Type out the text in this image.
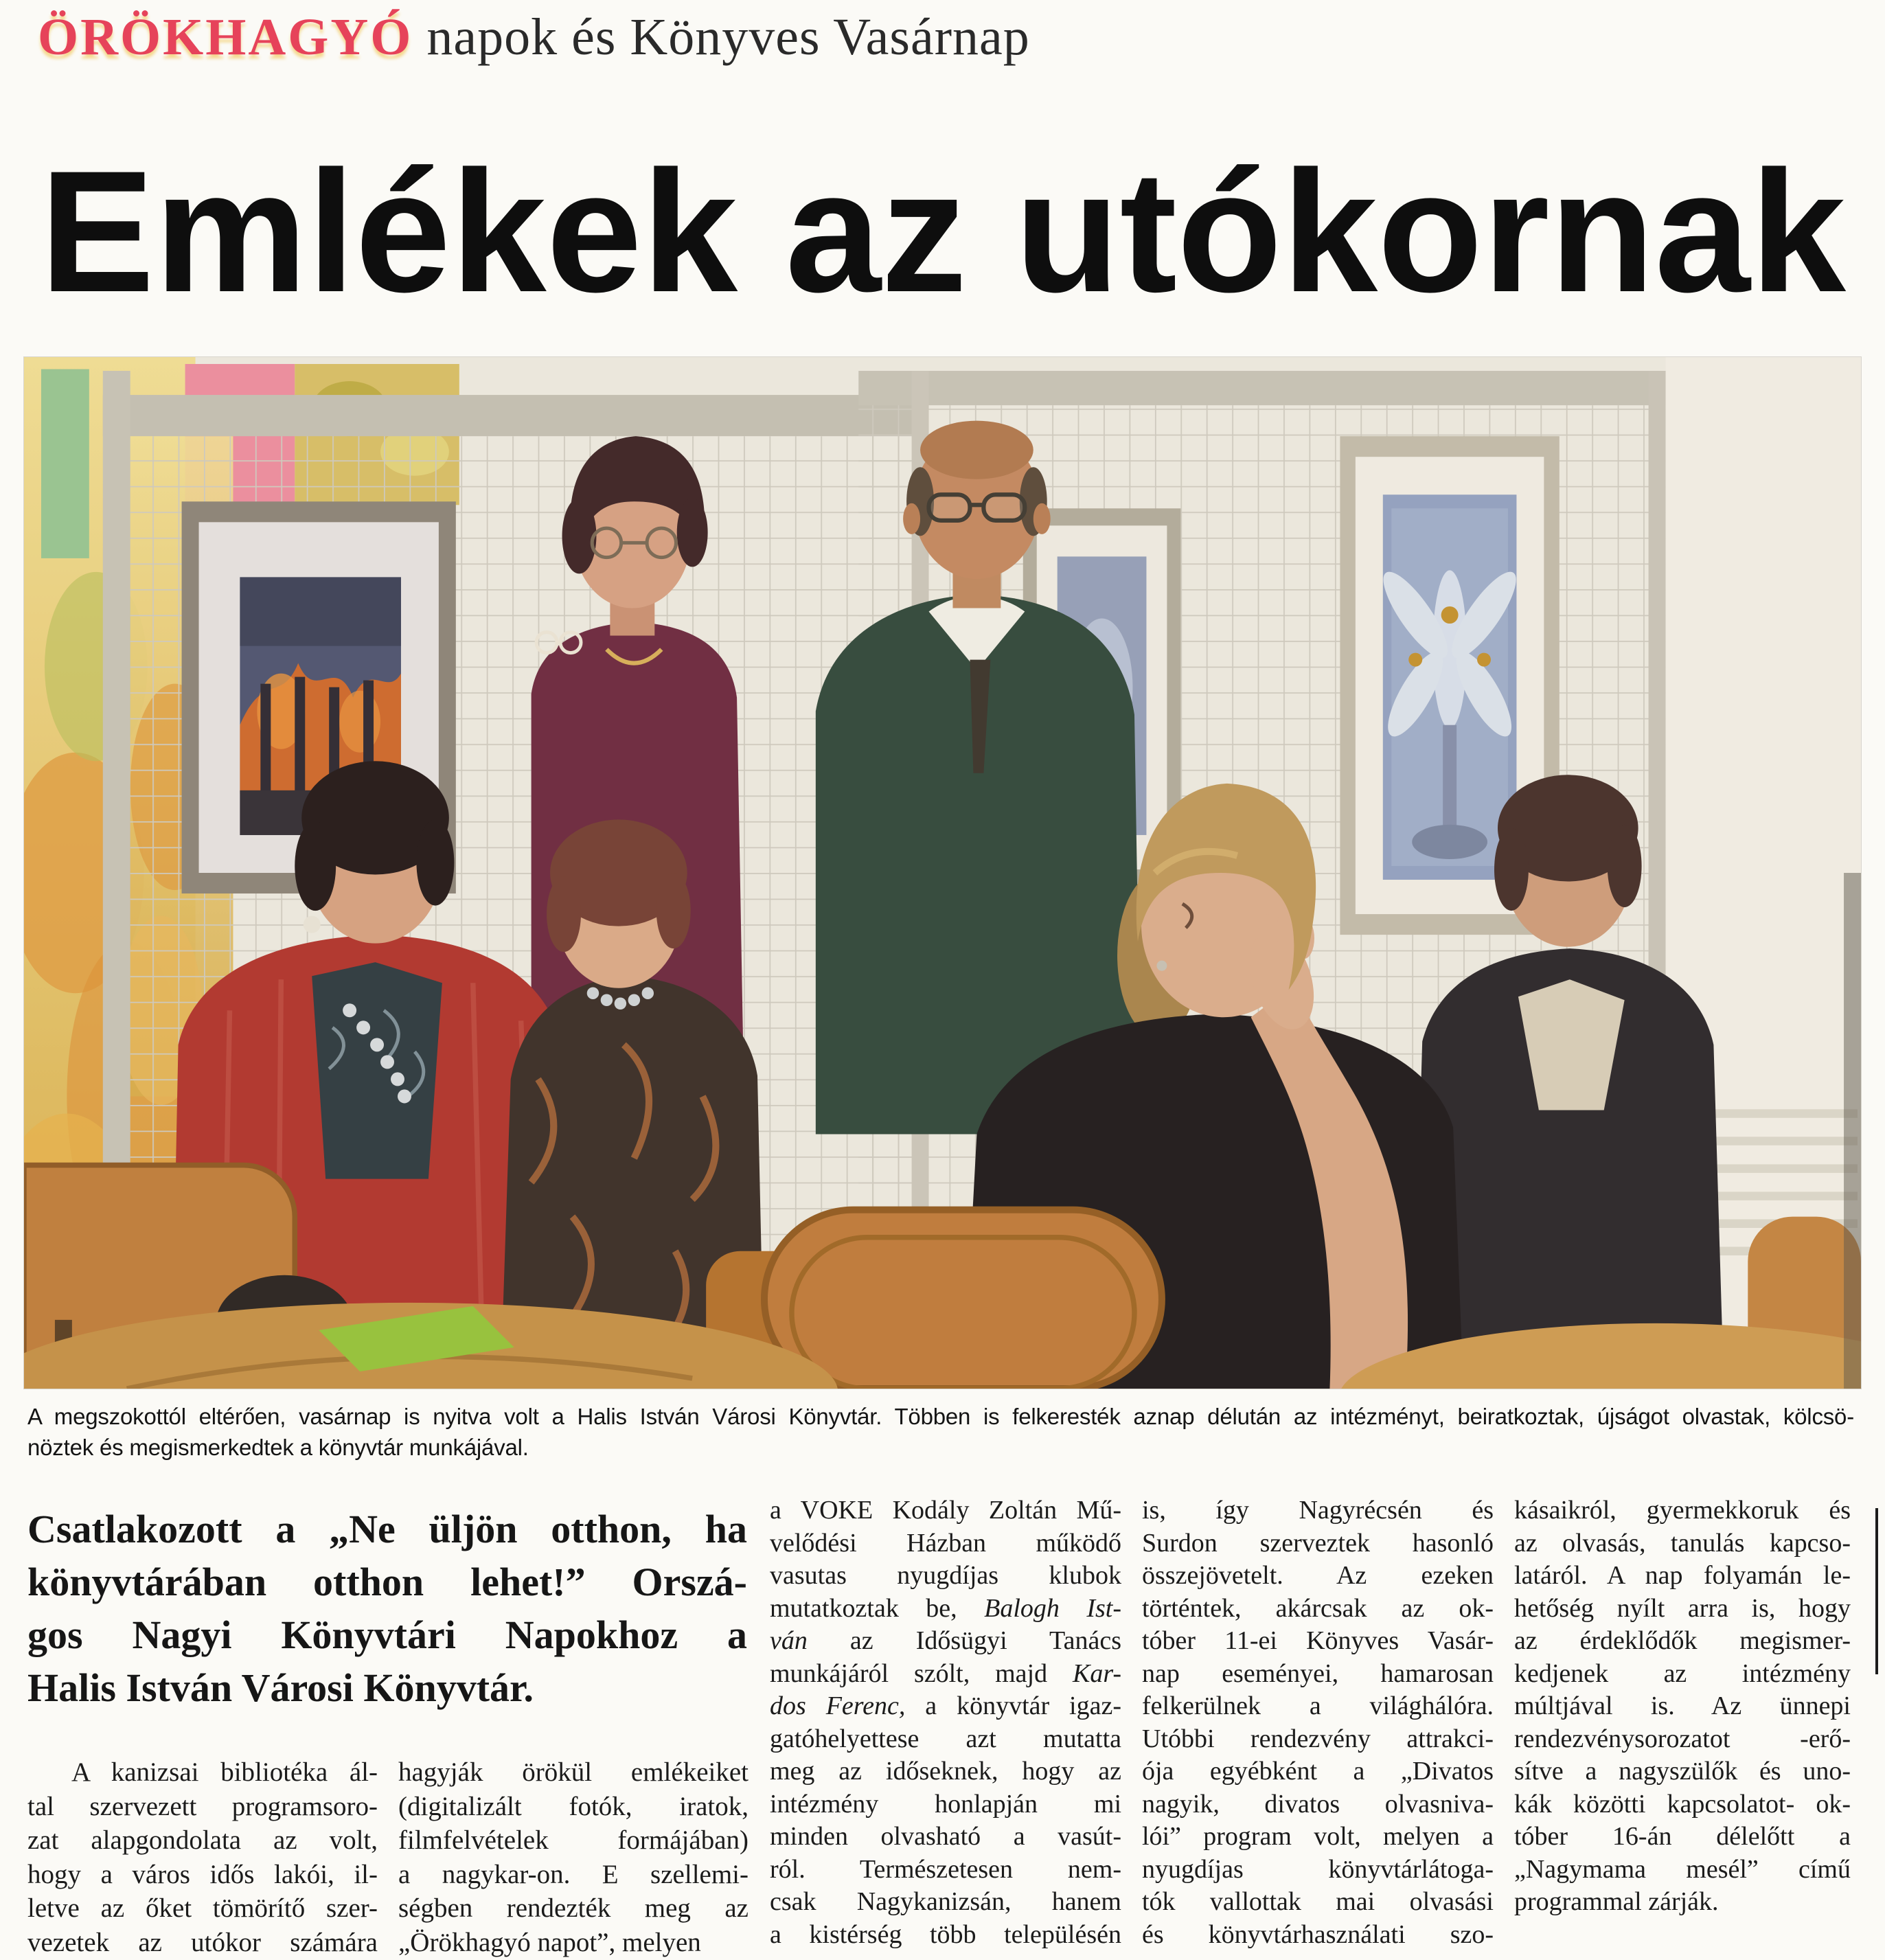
ÖRÖKHAGYÓ napok és Könyves Vasárnap
Emlékek az utókornak
A megszokottól eltérően, vasárnap is nyitva volt a Halis István Városi Könyvtár. Többen is felkeresték aznap délután az intézményt, beiratkoztak, újságot olvastak, kölcsö-
nöztek és megismerkedtek a könyvtár munkájával.
Csatlakozott a „Ne üljön otthon, ha
könyvtárában otthon lehet!” Orszá-
gos Nagyi Könyvtári Napokhoz a
Halis István Városi Könyvtár.
A kanizsai bibliotéka ál-
tal szervezett programsoro-
zat alapgondolata az volt,
hogy a város idős lakói, il-
letve az őket tömörítő szer-
vezetek az utókor számára
hagyják örökül emlékeiket
(digitalizált fotók, iratok,
filmfelvételek formájában)
a nagykar-on. E szellemi-
ségben rendezték meg az
„Örökhagyó napot”, melyen
a VOKE Kodály Zoltán Mű-
velődési Házban működő
vasutas nyugdíjas klubok
mutatkoztak be, Balogh Ist-
ván az Idősügyi Tanács
munkájáról szólt, majd Kar-
dos Ferenc, a könyvtár igaz-
gatóhelyettese azt mutatta
meg az időseknek, hogy az
intézmény honlapján mi
minden olvasható a vasút-
ról. Természetesen nem-
csak Nagykanizsán, hanem
a kistérség több településén
is, így Nagyrécsén és
Surdon szerveztek hasonló
összejövetelt. Az ezeken
történtek, akárcsak az ok-
tóber 11-ei Könyves Vasár-
nap eseményei, hamarosan
felkerülnek a világhálóra.
Utóbbi rendezvény attrakci-
ója egyébként a „Divatos
nagyik, divatos olvasniva-
lói” program volt, melyen a
nyugdíjas könyvtárlátoga-
tók vallottak mai olvasási
és könyvtárhasználati szo-
kásaikról, gyermekkoruk és
az olvasás, tanulás kapcso-
latáról. A nap folyamán le-
hetőség nyílt arra is, hogy
az érdeklődők megismer-
kedjenek az intézmény
múltjával is. Az ünnepi
rendezvénysorozatot -erő-
sítve a nagyszülők és uno-
kák közötti kapcsolatot- ok-
tóber 16-án délelőtt a
„Nagymama mesél” című
programmal zárják.
